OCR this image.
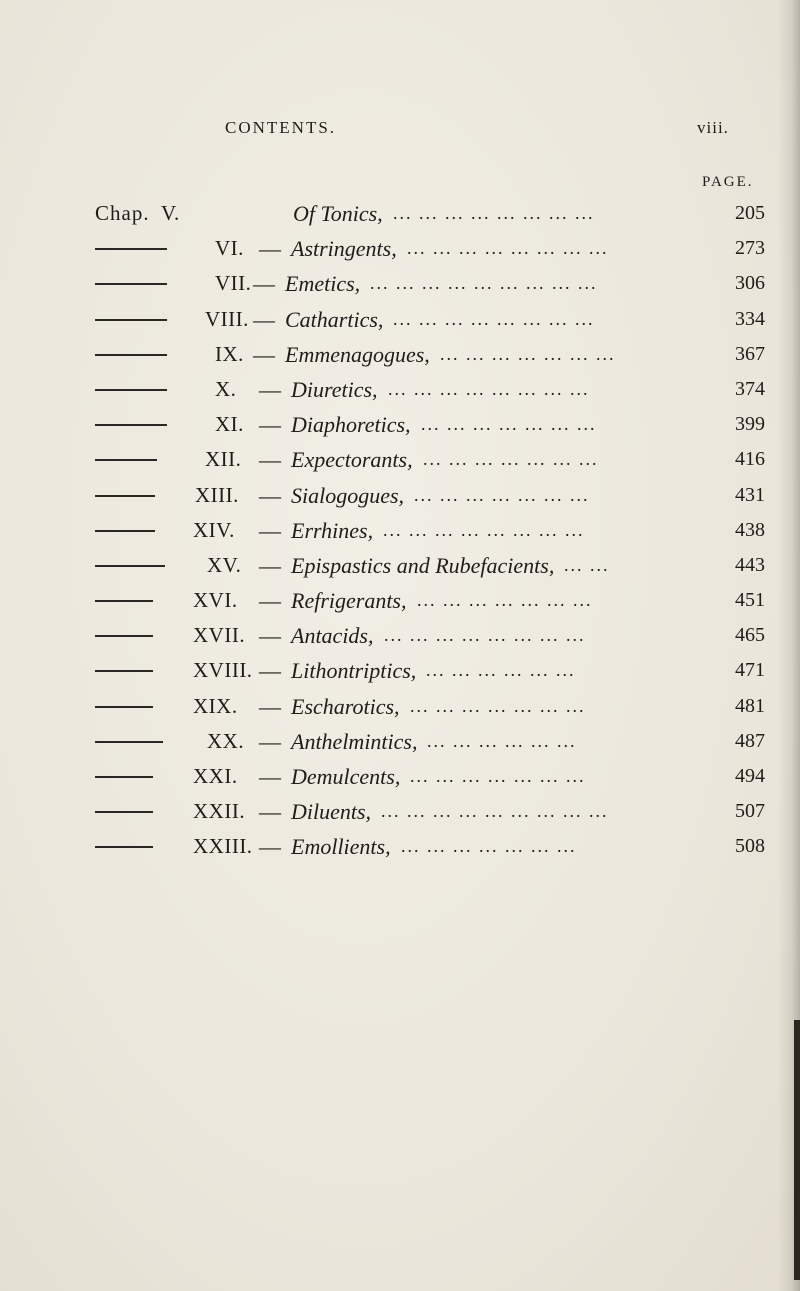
CONTENTS.	viii.
PAGE.
Chap. V.	Of Tonics, ... ... ... ... ... ... ... ...	205
VI. — Astringents, ... ... ... ... ... ... ... ...	273
VII. — Emetics, ... ... ... ... ... ... ... ... ...	306
VIII. — Cathartics, ... ... ... ... ... ... ... ...	334
IX. — Emmenagogues, ... ... ... ... ... ... ...	367
X. — Diuretics, ... ... ... ... ... ... ... ...	374
XI. — Diaphoretics, ... ... ... ... ... ... ...	399
XII. — Expectorants, ... ... ... ... ... ... ...	416
XIII. — Sialogogues, ... ... ... ... ... ... ...	431
XIV. — Errhines, ... ... ... ... ... ... ... ...	438
XV. — Epispastics and Rubefacients, ... ...	443
XVI. — Refrigerants, ... ... ... ... ... ... ...	451
XVII. — Antacids, ... ... ... ... ... ... ... ...	465
XVIII. — Lithontriptics, ... ... ... ... ... ...	471
XIX. — Escharotics, ... ... ... ... ... ... ...	481
XX. — Anthelmintics, ... ... ... ... ... ...	487
XXI. — Demulcents, ... ... ... ... ... ... ...	494
XXII. — Diluents, ... ... ... ... ... ... ... ... ...	507
XXIII. — Emollients, ... ... ... ... ... ... ...	508
